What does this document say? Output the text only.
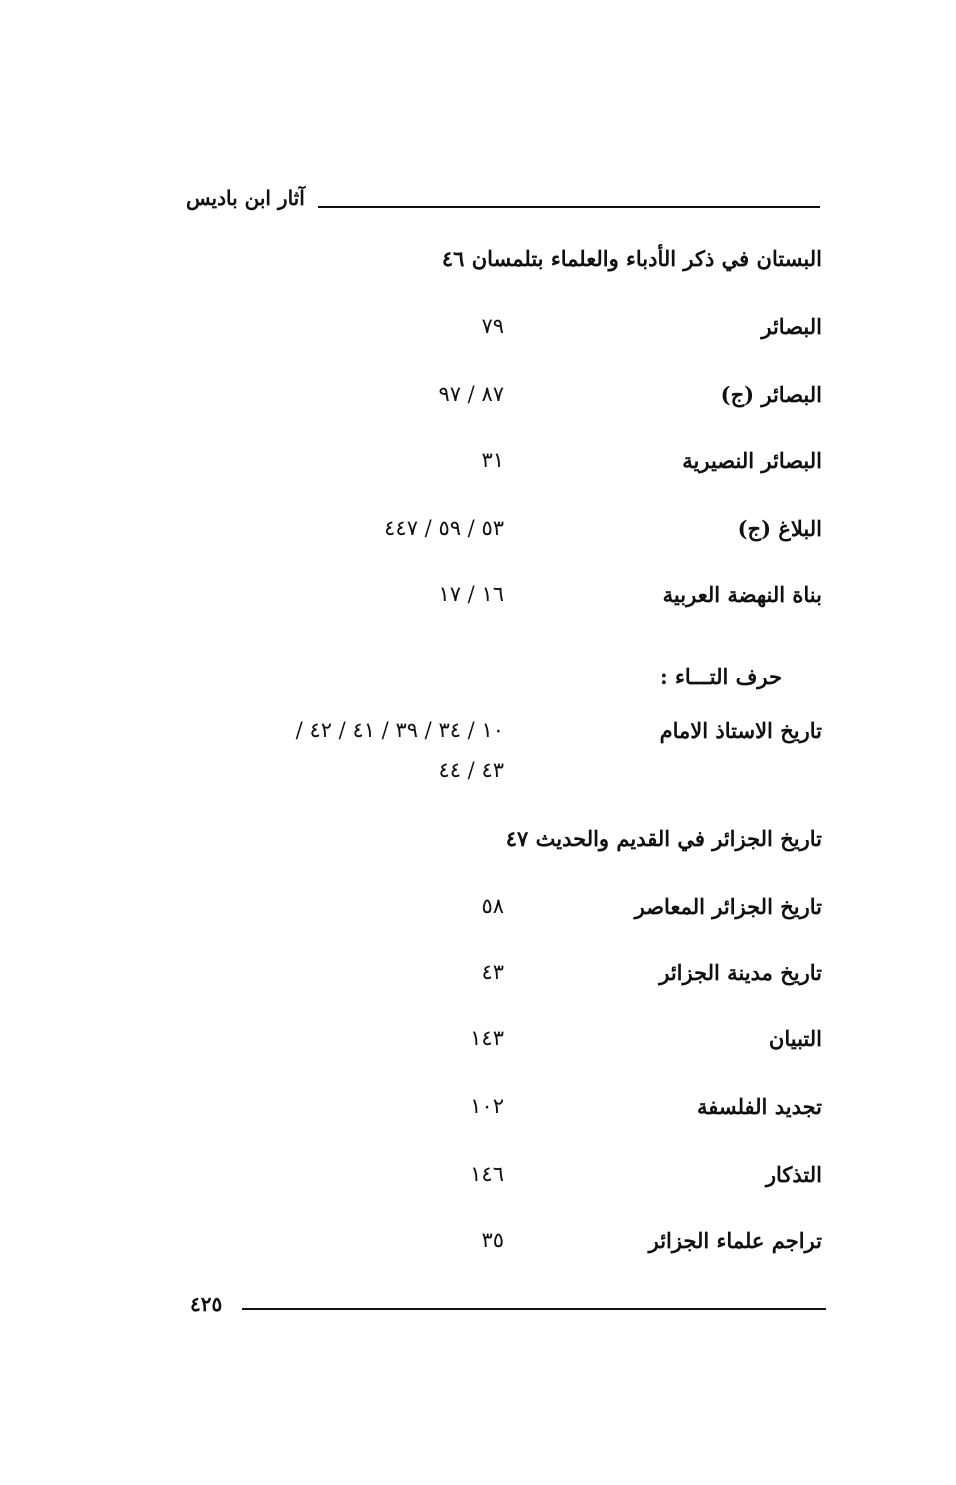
آثار ابن باديس
البستان في ذكر الأدباء والعلماء بتلمسان ٤٦
البصائر
٧٩
البصائر (ج)
٨٧ / ٩٧
البصائر النصيرية
٣١
البلاغ (ج)
٥٣ / ٥٩ / ٤٤٧
بناة النهضة العربية
١٦ / ١٧
حرف التـــاء :
تاريخ الاستاذ الامام
١٠ / ٣٤ / ٣٩ / ٤١ / ٤٢ /
٤٣ / ٤٤
تاريخ الجزائر في القديم والحديث ٤٧
تاريخ الجزائر المعاصر
٥٨
تاريخ مدينة الجزائر
٤٣
التبيان
١٤٣
تجديد الفلسفة
١٠٢
التذكار
١٤٦
تراجم علماء الجزائر
٣٥
٤٢٥
